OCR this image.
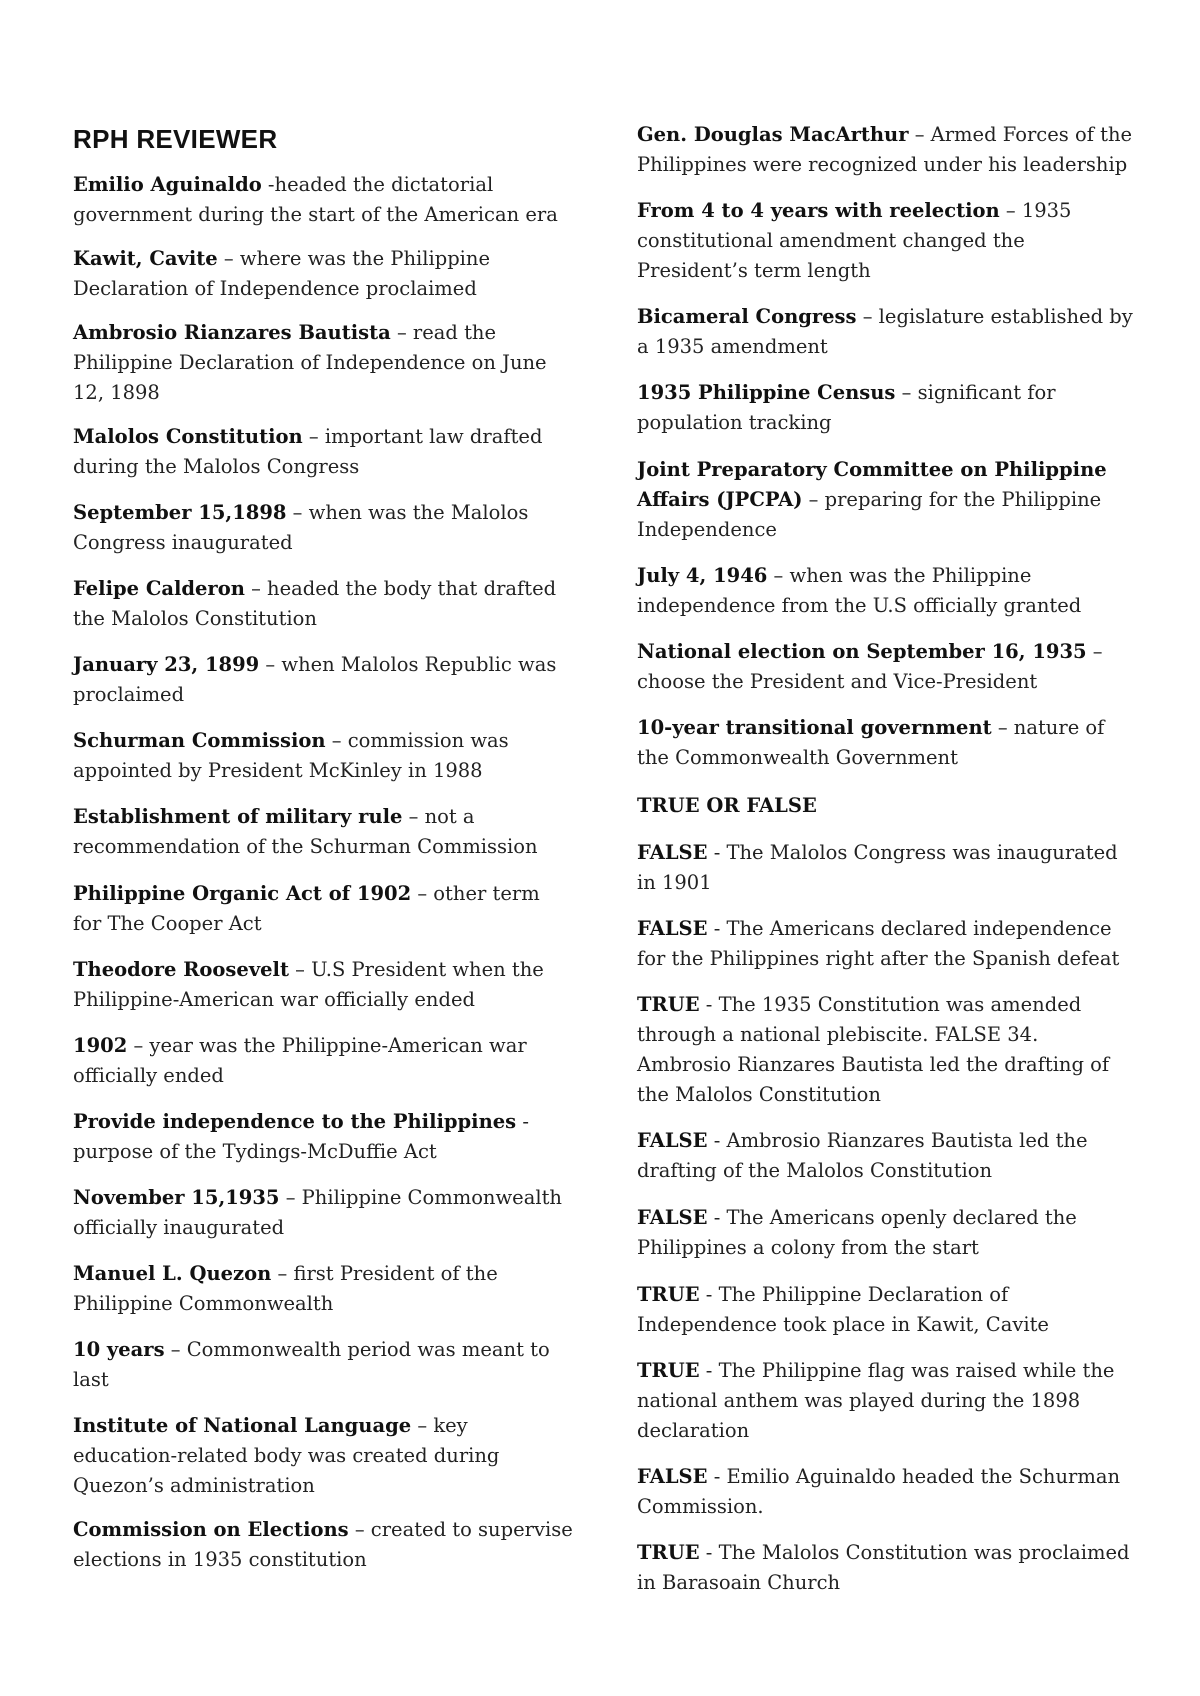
RPH REVIEWER

Emilio Aguinaldo -headed the dictatorial government during the start of the American era

Kawit, Cavite – where was the Philippine Declaration of Independence proclaimed

Ambrosio Rianzares Bautista – read the Philippine Declaration of Independence on June 12, 1898

Malolos Constitution – important law drafted during the Malolos Congress

September 15,1898 – when was the Malolos Congress inaugurated

Felipe Calderon – headed the body that drafted the Malolos Constitution

January 23, 1899 – when Malolos Republic was proclaimed

Schurman Commission – commission was appointed by President McKinley in 1988

Establishment of military rule – not a recommendation of the Schurman Commission

Philippine Organic Act of 1902 – other term for The Cooper Act

Theodore Roosevelt – U.S President when the Philippine-American war officially ended

1902 – year was the Philippine-American war officially ended

Provide independence to the Philippines - purpose of the Tydings-McDuffie Act

November 15,1935 – Philippine Commonwealth officially inaugurated

Manuel L. Quezon – first President of the Philippine Commonwealth

10 years – Commonwealth period was meant to last

Institute of National Language – key education-related body was created during Quezon’s administration

Commission on Elections – created to supervise elections in 1935 constitution

Gen. Douglas MacArthur – Armed Forces of the Philippines were recognized under his leadership

From 4 to 4 years with reelection – 1935 constitutional amendment changed the President’s term length

Bicameral Congress – legislature established by a 1935 amendment

1935 Philippine Census – significant for population tracking

Joint Preparatory Committee on Philippine Affairs (JPCPA) – preparing for the Philippine Independence

July 4, 1946 – when was the Philippine independence from the U.S officially granted

National election on September 16, 1935 – choose the President and Vice-President

10-year transitional government – nature of the Commonwealth Government

TRUE OR FALSE

FALSE - The Malolos Congress was inaugurated in 1901

FALSE - The Americans declared independence for the Philippines right after the Spanish defeat

TRUE - The 1935 Constitution was amended through a national plebiscite. FALSE 34. Ambrosio Rianzares Bautista led the drafting of the Malolos Constitution

FALSE - Ambrosio Rianzares Bautista led the drafting of the Malolos Constitution

FALSE - The Americans openly declared the Philippines a colony from the start

TRUE - The Philippine Declaration of Independence took place in Kawit, Cavite

TRUE - The Philippine flag was raised while the national anthem was played during the 1898 declaration

FALSE - Emilio Aguinaldo headed the Schurman Commission.

TRUE - The Malolos Constitution was proclaimed in Barasoain Church
